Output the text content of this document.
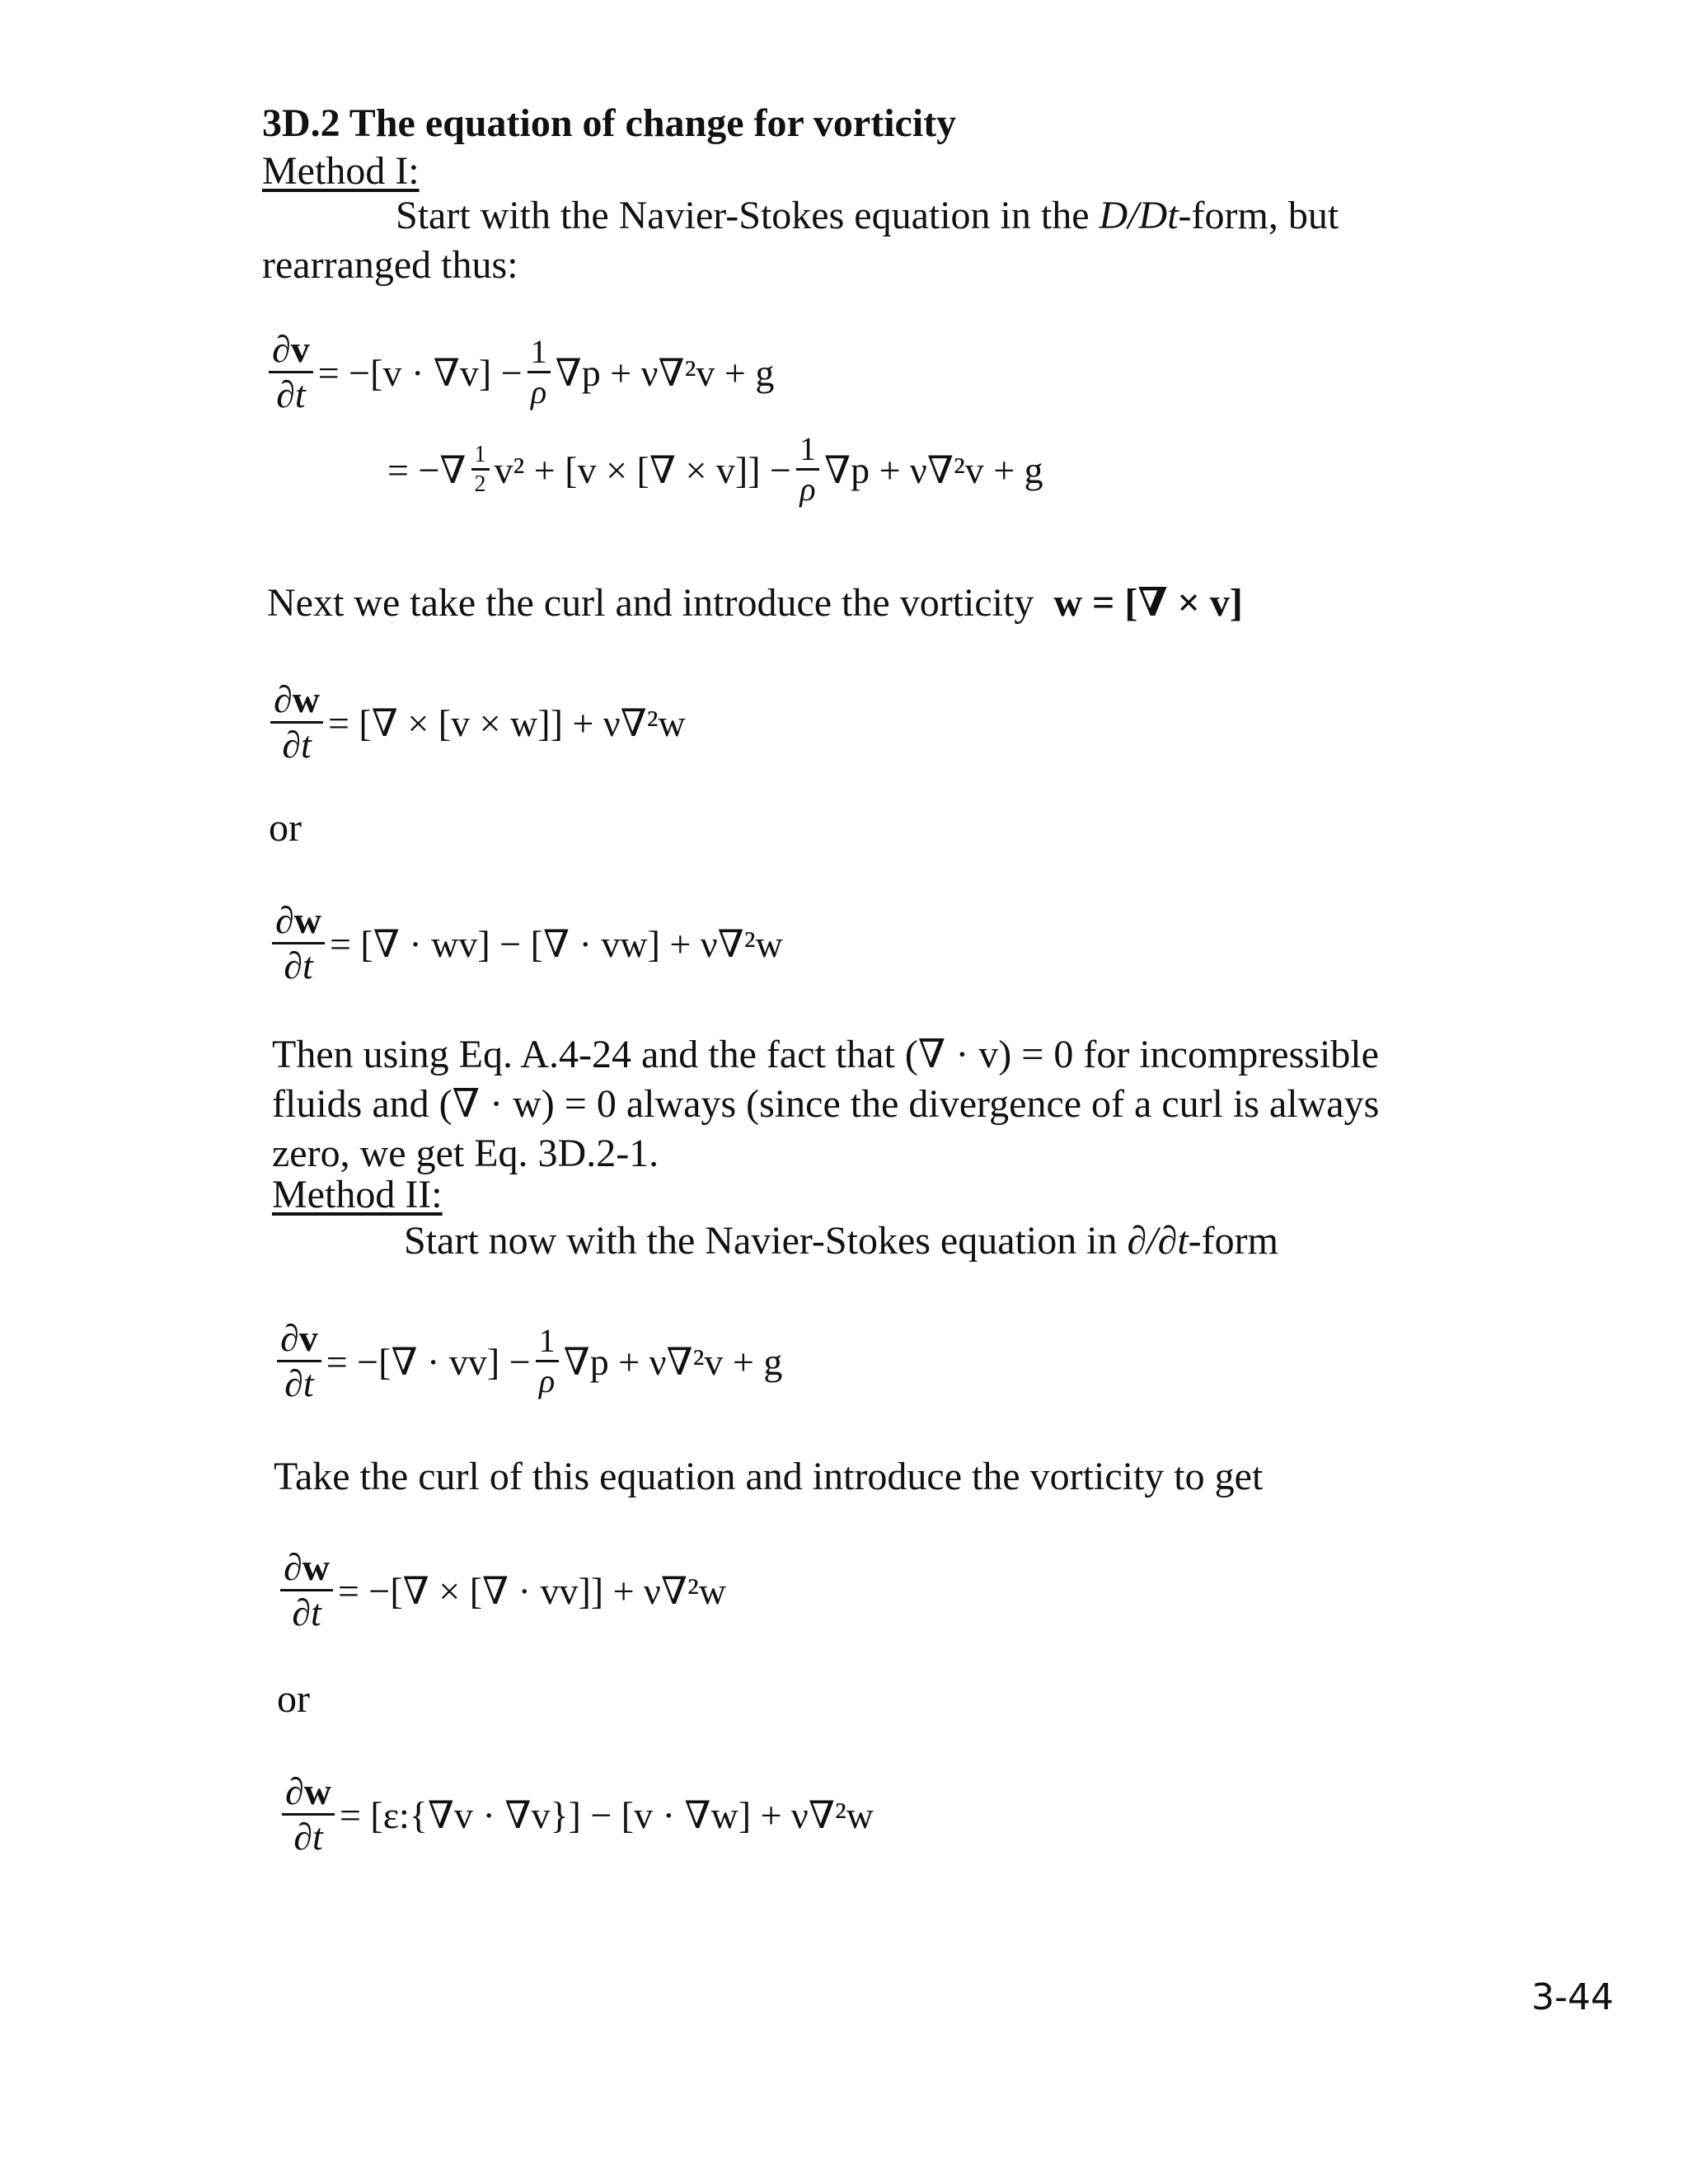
3D.2 The equation of change for vorticity
Method I:
Start with the Navier-Stokes equation in the D/Dt-form, but
rearranged thus:
$\frac{\partial v}{\partial t} = -[v \cdot \nabla v] - \frac{1}{\rho} \nabla p + \nu\nabla^2v + g$
= −∇ $\frac{1}{2} v^2 + [v$ × [∇ × $v]] - \frac{1}{\rho} \nabla p + \nu\nabla^2v + g$
Next we take the curl and introduce the vorticity w = [∇ × v]
$\frac{\partial w}{\partial t}$ = [∇ × [v × w]] + ν∇²w
or
$\frac{\partial w}{\partial t}$ = [∇ · wv] − [∇ · vw] + ν∇²w
Then using Eq. A.4-24 and the fact that (∇ · v) = 0 for incompressible
fluids and (∇ · w) = 0 always (since the divergence of a curl is always
zero, we get Eq. 3D.2-1.
Method II:
Start now with the Navier-Stokes equation in ∂/∂t-form
$\frac{\partial v}{\partial t}$ = −[∇ · $vv] - \frac{1}{\rho} \nabla p + \nu\nabla^2v + g$
Take the curl of this equation and introduce the vorticity to get
$\frac{\partial w}{\partial t}$ = −[∇ × [∇ · vv]] + ν∇²w
or
$\frac{\partial w}{\partial t}$ = [ε:{∇v · ∇v}] − [v · ∇w] + ν∇²w
3-44
